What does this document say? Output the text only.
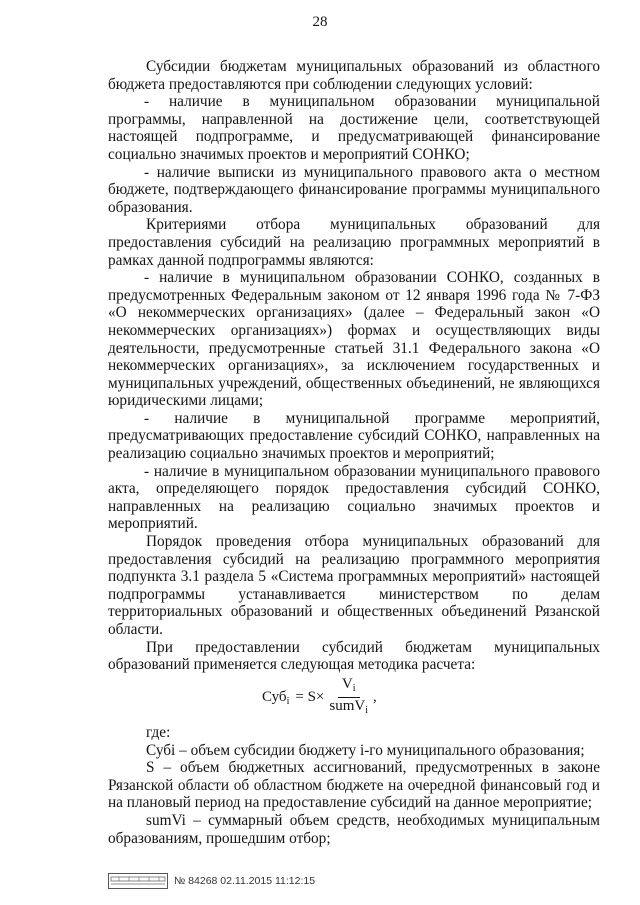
28

Субсидии бюджетам муниципальных образований из областного бюджета предоставляются при соблюдении следующих условий:

- наличие в муниципальном образовании муниципальной программы, направленной на достижение цели, соответствующей настоящей подпрограмме, и предусматривающей финансирование социально значимых проектов и мероприятий СОНКО;

- наличие выписки из муниципального правового акта о местном бюджете, подтверждающего финансирование программы муниципального образования.

Критериями отбора муниципальных образований для предоставления субсидий на реализацию программных мероприятий в рамках данной подпрограммы являются:

- наличие в муниципальном образовании СОНКО, созданных в предусмотренных Федеральным законом от 12 января 1996 года № 7-ФЗ «О некоммерческих организациях» (далее – Федеральный закон «О некоммерческих организациях») формах и осуществляющих виды деятельности, предусмотренные статьей 31.1 Федерального закона «О некоммерческих организациях», за исключением государственных и муниципальных учреждений, общественных объединений, не являющихся юридическими лицами;

- наличие в муниципальной программе мероприятий, предусматривающих предоставление субсидий СОНКО, направленных на реализацию социально значимых проектов и мероприятий;

- наличие в муниципальном образовании муниципального правового акта, определяющего порядок предоставления субсидий СОНКО, направленных на реализацию социально значимых проектов и мероприятий.

Порядок проведения отбора муниципальных образований для предоставления субсидий на реализацию программного мероприятия подпункта 3.1 раздела 5 «Система программных мероприятий» настоящей подпрограммы устанавливается министерством по делам территориальных образований и общественных объединений Рязанской области.

При предоставлении субсидий бюджетам муниципальных образований применяется следующая методика расчета:

$Суб_i = S\times \frac{V_i}{sumV_i}$ ,

где:

Субi – объем субсидии бюджету i-го муниципального образования;

S – объем бюджетных ассигнований, предусмотренных в законе Рязанской области об областном бюджете на очередной финансовый год и на плановый период на предоставление субсидий на данное мероприятие;

sumVi – суммарный объем средств, необходимых муниципальным образованиям, прошедшим отбор;

№ 84268 02.11.2015 11:12:15
